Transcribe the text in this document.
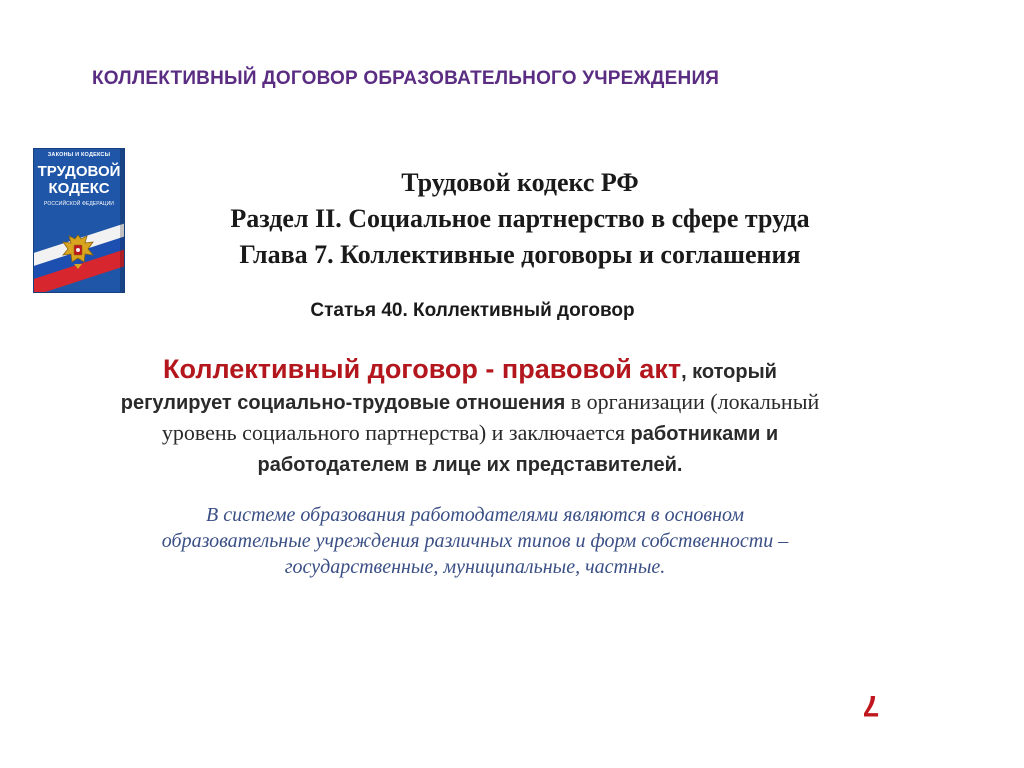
КОЛЛЕКТИВНЫЙ ДОГОВОР ОБРАЗОВАТЕЛЬНОГО УЧРЕЖДЕНИЯ
ЗАКОНЫ И КОДЕКСЫ
ТРУДОВОЙ
КОДЕКС
РОССИЙСКОЙ ФЕДЕРАЦИИ
Трудовой кодекс РФ
Раздел II. Социальное партнерство в сфере труда
Глава 7. Коллективные договоры и соглашения
Статья 40. Коллективный договор
Коллективный договор - правовой акт, который
регулирует социально-трудовые отношения в организации (локальный уровень социального партнерства) и заключается работниками и работодателем в лице их представителей.
В системе образования работодателями являются в основном
образовательные учреждения различных типов и форм собственности –
государственные, муниципальные, частные.
7
